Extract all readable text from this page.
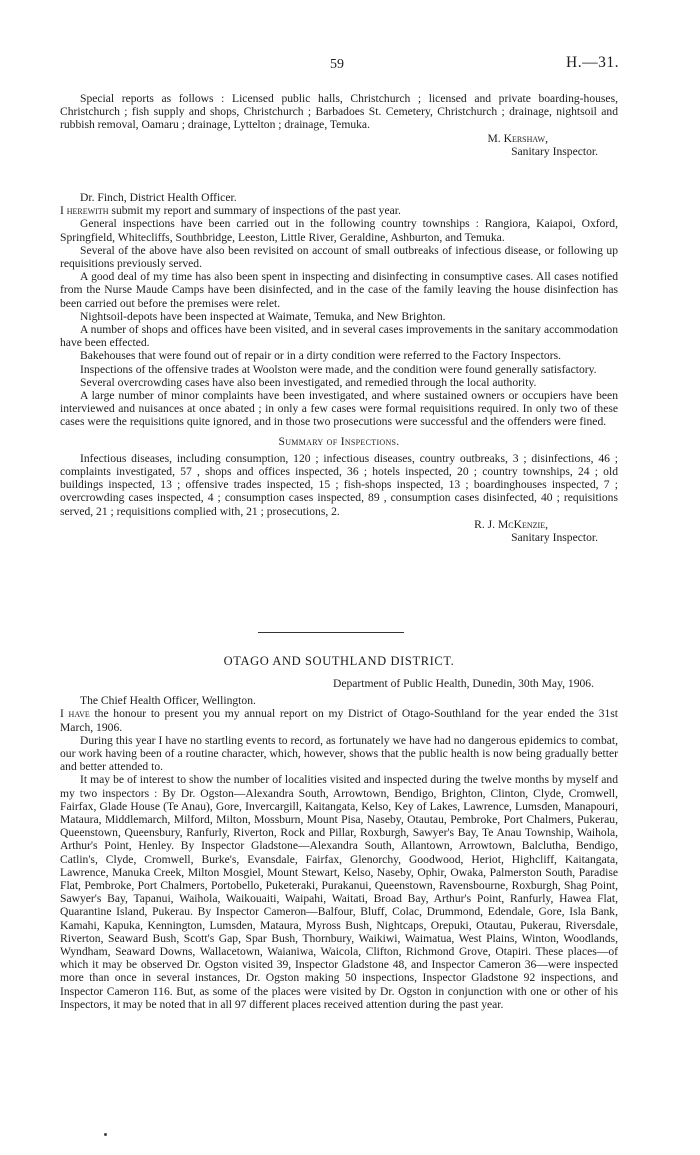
59	H.—31.

Special reports as follows : Licensed public halls, Christchurch ; licensed and private boarding-houses, Christchurch ; fish supply and shops, Christchurch ; Barbadoes St. Cemetery, Christchurch ; drainage, nightsoil and rubbish removal, Oamaru ; drainage, Lyttelton ; drainage, Temuka.

M. Kershaw,

Sanitary Inspector.

Dr. Finch, District Health Officer.

I herewith submit my report and summary of inspections of the past year.

General inspections have been carried out in the following country townships : Rangiora, Kaiapoi, Oxford, Springfield, Whitecliffs, Southbridge, Leeston, Little River, Geraldine, Ashburton, and Temuka.

Several of the above have also been revisited on account of small outbreaks of infectious disease, or following up requisitions previously served.

A good deal of my time has also been spent in inspecting and disinfecting in consumptive cases. All cases notified from the Nurse Maude Camps have been disinfected, and in the case of the family leaving the house disinfection has been carried out before the premises were relet.

Nightsoil-depots have been inspected at Waimate, Temuka, and New Brighton.

A number of shops and offices have been visited, and in several cases improvements in the sanitary accommodation have been effected.

Bakehouses that were found out of repair or in a dirty condition were referred to the Factory Inspectors.

Inspections of the offensive trades at Woolston were made, and the condition were found generally satisfactory.

Several overcrowding cases have also been investigated, and remedied through the local authority.

A large number of minor complaints have been investigated, and where sustained owners or occupiers have been interviewed and nuisances at once abated ; in only a few cases were formal requisitions required. In only two of these cases were the requisitions quite ignored, and in those two prosecutions were successful and the offenders were fined.

Summary of Inspections.

Infectious diseases, including consumption, 120 ; infectious diseases, country outbreaks, 3 ; disinfections, 46 ; complaints investigated, 57 , shops and offices inspected, 36 ; hotels inspected, 20 ; country townships, 24 ; old buildings inspected, 13 ; offensive trades inspected, 15 ; fish-shops inspected, 13 ; boardinghouses inspected, 7 ; overcrowding cases inspected, 4 ; consumption cases inspected, 89 , consumption cases disinfected, 40 ; requisitions served, 21 ; requisitions complied with, 21 ; prosecutions, 2.

R. J. McKenzie,

Sanitary Inspector.

OTAGO AND SOUTHLAND DISTRICT.

Department of Public Health, Dunedin, 30th May, 1906.

The Chief Health Officer, Wellington.

I have the honour to present you my annual report on my District of Otago-Southland for the year ended the 31st March, 1906.

During this year I have no startling events to record, as fortunately we have had no dangerous epidemics to combat, our work having been of a routine character, which, however, shows that the public health is now being gradually better and better attended to.

It may be of interest to show the number of localities visited and inspected during the twelve months by myself and my two inspectors : By Dr. Ogston—Alexandra South, Arrowtown, Bendigo, Brighton, Clinton, Clyde, Cromwell, Fairfax, Glade House (Te Anau), Gore, Invercargill, Kaitangata, Kelso, Key of Lakes, Lawrence, Lumsden, Manapouri, Mataura, Middlemarch, Milford, Milton, Mossburn, Mount Pisa, Naseby, Otautau, Pembroke, Port Chalmers, Pukerau, Queenstown, Queensbury, Ranfurly, Riverton, Rock and Pillar, Roxburgh, Sawyer's Bay, Te Anau Township, Waihola, Arthur's Point, Henley. By Inspector Gladstone—Alexandra South, Allantown, Arrowtown, Balclutha, Bendigo, Catlin's, Clyde, Cromwell, Burke's, Evansdale, Fairfax, Glenorchy, Goodwood, Heriot, Highcliff, Kaitangata, Lawrence, Manuka Creek, Milton Mosgiel, Mount Stewart, Kelso, Naseby, Ophir, Owaka, Palmerston South, Paradise Flat, Pembroke, Port Chalmers, Portobello, Puketeraki, Purakanui, Queenstown, Ravensbourne, Roxburgh, Shag Point, Sawyer's Bay, Tapanui, Waihola, Waikouaiti, Waipahi, Waitati, Broad Bay, Arthur's Point, Ranfurly, Hawea Flat, Quarantine Island, Pukerau. By Inspector Cameron—Balfour, Bluff, Colac, Drummond, Edendale, Gore, Isla Bank, Kamahi, Kapuka, Kennington, Lumsden, Mataura, Myross Bush, Nightcaps, Orepuki, Otautau, Pukerau, Riversdale, Riverton, Seaward Bush, Scott's Gap, Spar Bush, Thornbury, Waikiwi, Waimatua, West Plains, Winton, Woodlands, Wyndham, Seaward Downs, Wallacetown, Waianiwa, Waicola, Clifton, Richmond Grove, Otapiri. These places—of which it may be observed Dr. Ogston visited 39, Inspector Gladstone 48, and Inspector Cameron 36—were inspected more than once in several instances, Dr. Ogston making 50 inspections, Inspector Gladstone 92 inspections, and Inspector Cameron 116. But, as some of the places were visited by Dr. Ogston in conjunction with one or other of his Inspectors, it may be noted that in all 97 different places received attention during the past year.
